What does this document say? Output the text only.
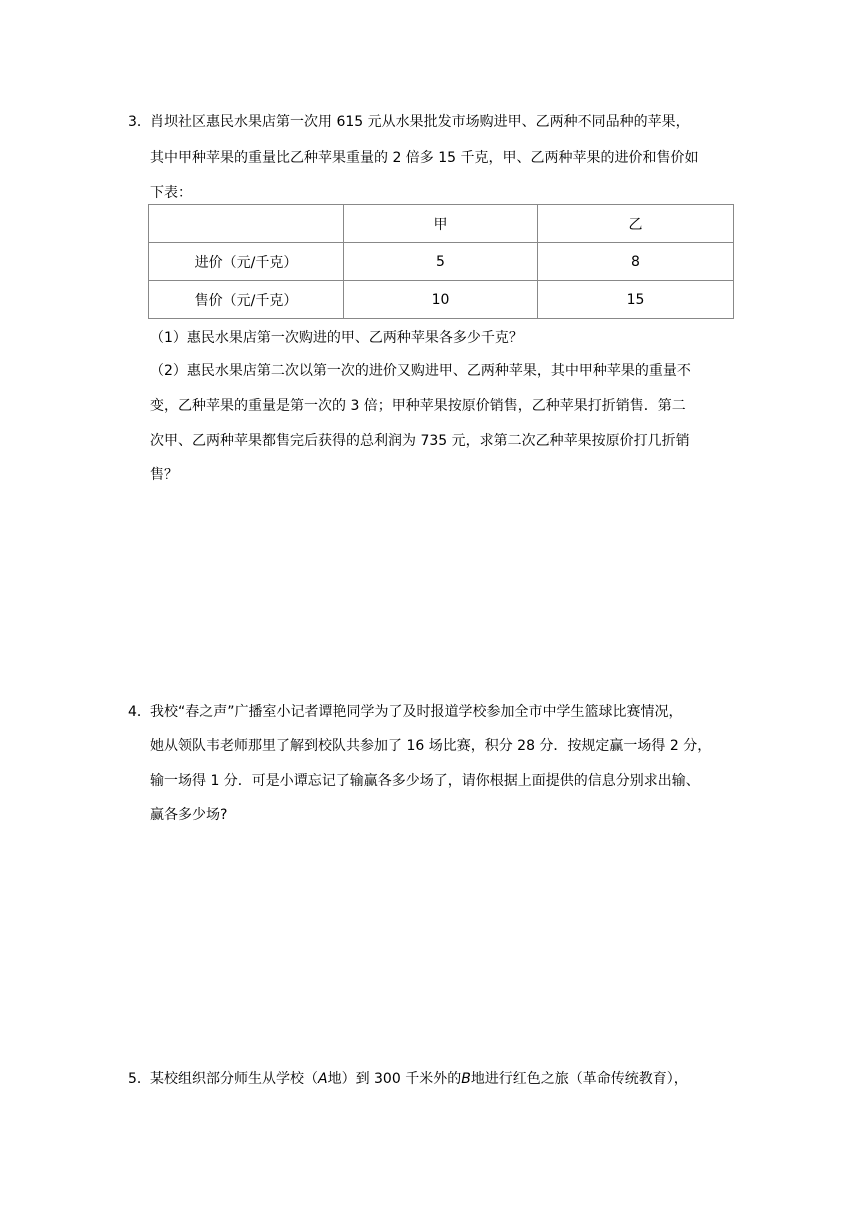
3． 肖坝社区惠民水果店第一次用 615 元从水果批发市场购进甲、乙两种不同品种的苹果，
其中甲种苹果的重量比乙种苹果重量的 2 倍多 15 千克，甲、乙两种苹果的进价和售价如
下表：
	甲	乙
进价（元/千克）	5	8
售价（元/千克）	10	15
（1）惠民水果店第一次购进的甲、乙两种苹果各多少千克？
（2）惠民水果店第二次以第一次的进价又购进甲、乙两种苹果，其中甲种苹果的重量不
变，乙种苹果的重量是第一次的 3 倍；甲种苹果按原价销售，乙种苹果打折销售．第二
次甲、乙两种苹果都售完后获得的总利润为 735 元，求第二次乙种苹果按原价打几折销
售？
4． 我校“春之声”广播室小记者谭艳同学为了及时报道学校参加全市中学生篮球比赛情况，
她从领队韦老师那里了解到校队共参加了 16 场比赛，积分 28 分．按规定赢一场得 2 分，
输一场得 1 分．可是小谭忘记了输赢各多少场了，请你根据上面提供的信息分别求出输、
赢各多少场?
5． 某校组织部分师生从学校（A地）到 300 千米外的B地进行红色之旅（革命传统教育），
